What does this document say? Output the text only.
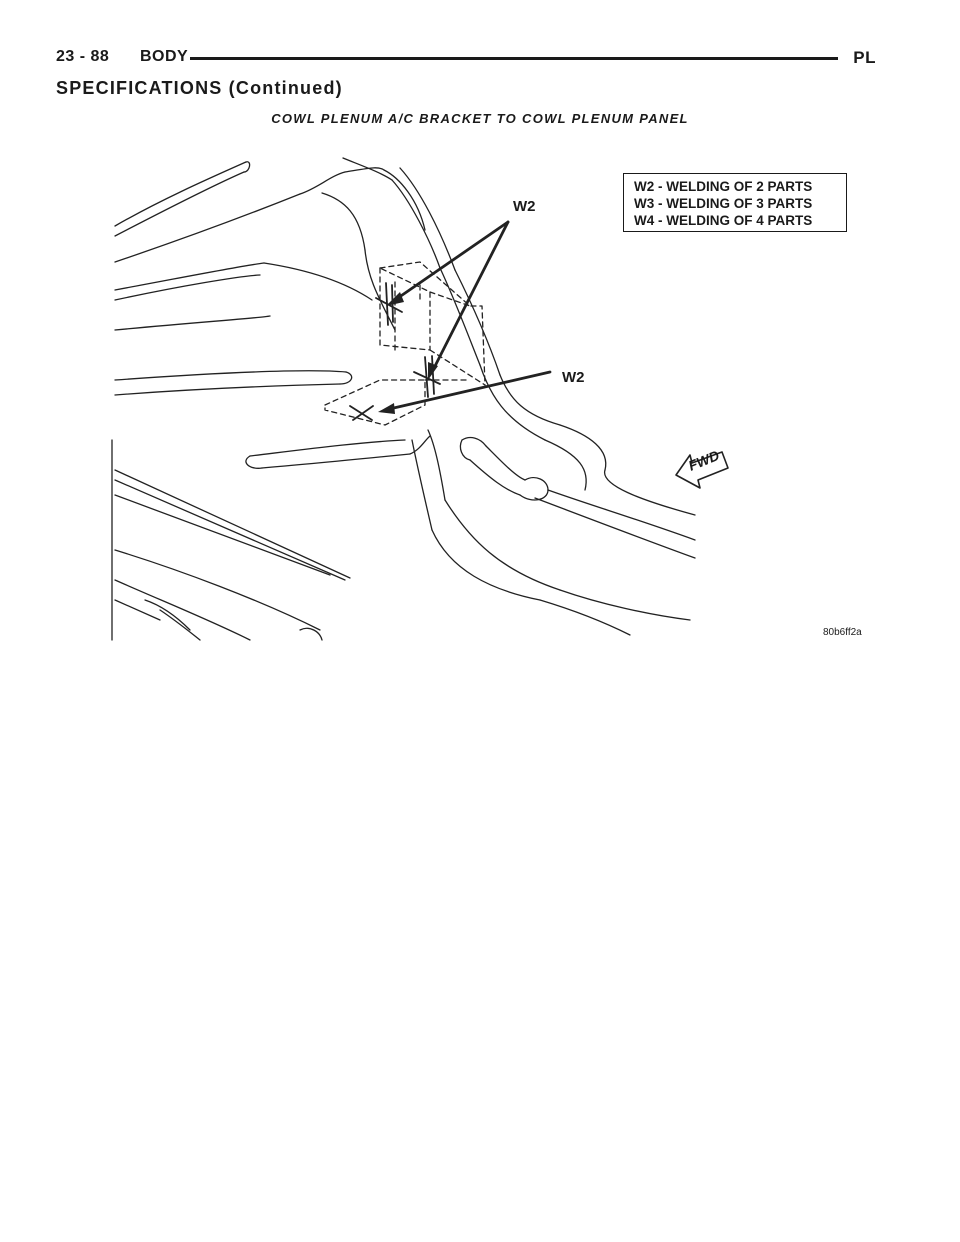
23 - 88 BODY	PL
SPECIFICATIONS (Continued)
COWL PLENUM A/C BRACKET TO COWL PLENUM PANEL
W2 - WELDING OF 2 PARTS
W3 - WELDING OF 3 PARTS
W4 - WELDING OF 4 PARTS
W2
W2
FWD
80b6ff2a
